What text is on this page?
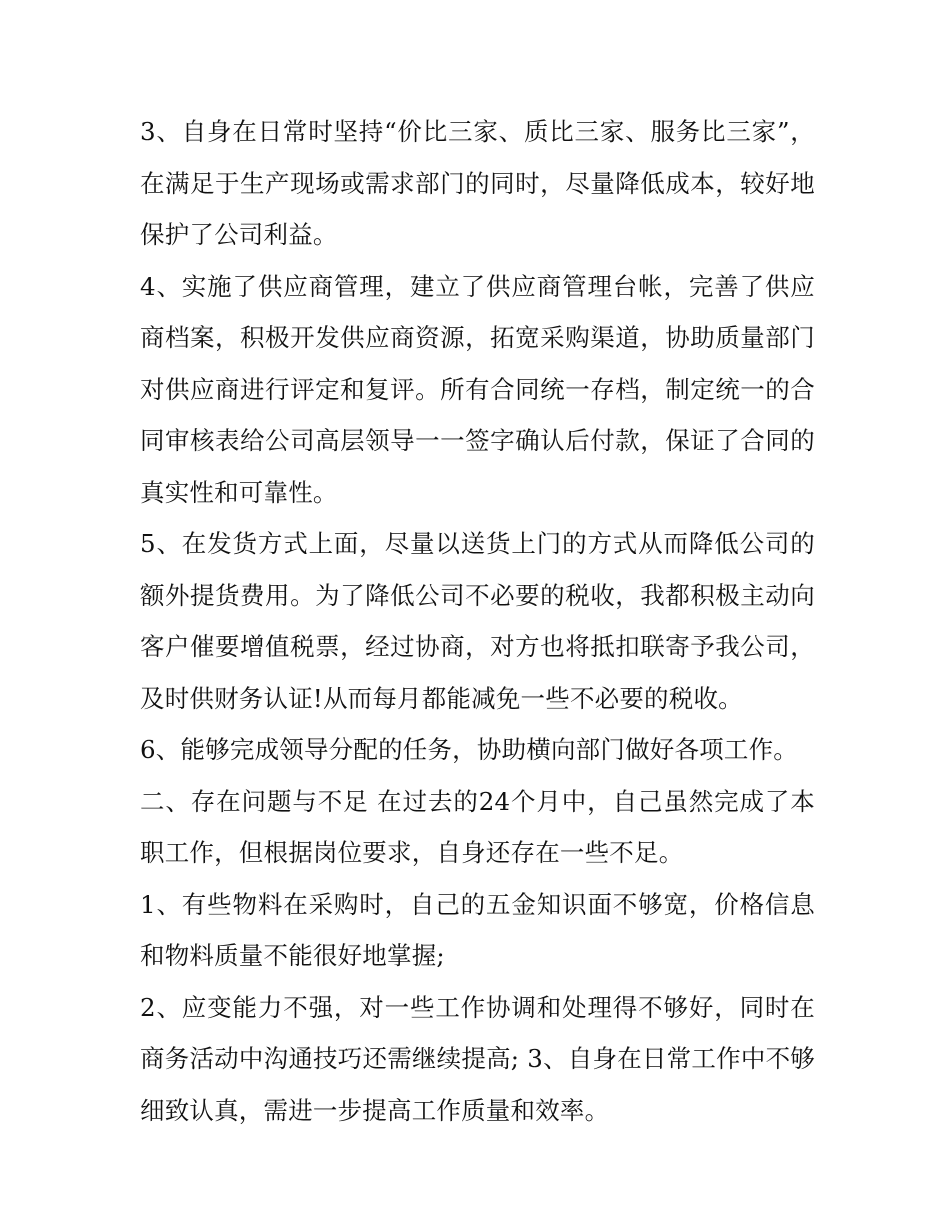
3、自身在日常时坚持“价比三家、质比三家、服务比三家”，在满足于生产现场或需求部门的同时，尽量降低成本，较好地保护了公司利益。

4、实施了供应商管理，建立了供应商管理台帐，完善了供应商档案，积极开发供应商资源，拓宽采购渠道，协助质量部门对供应商进行评定和复评。所有合同统一存档，制定统一的合同审核表给公司高层领导一一签字确认后付款，保证了合同的真实性和可靠性。

5、在发货方式上面，尽量以送货上门的方式从而降低公司的额外提货费用。为了降低公司不必要的税收，我都积极主动向客户催要增值税票，经过协商，对方也将抵扣联寄予我公司，及时供财务认证!从而每月都能减免一些不必要的税收。

6、能够完成领导分配的任务，协助横向部门做好各项工作。

二、存在问题与不足 在过去的24个月中，自己虽然完成了本职工作，但根据岗位要求，自身还存在一些不足。

1、有些物料在采购时，自己的五金知识面不够宽，价格信息和物料质量不能很好地掌握;

2、应变能力不强，对一些工作协调和处理得不够好，同时在商务活动中沟通技巧还需继续提高; 3、自身在日常工作中不够细致认真，需进一步提高工作质量和效率。
